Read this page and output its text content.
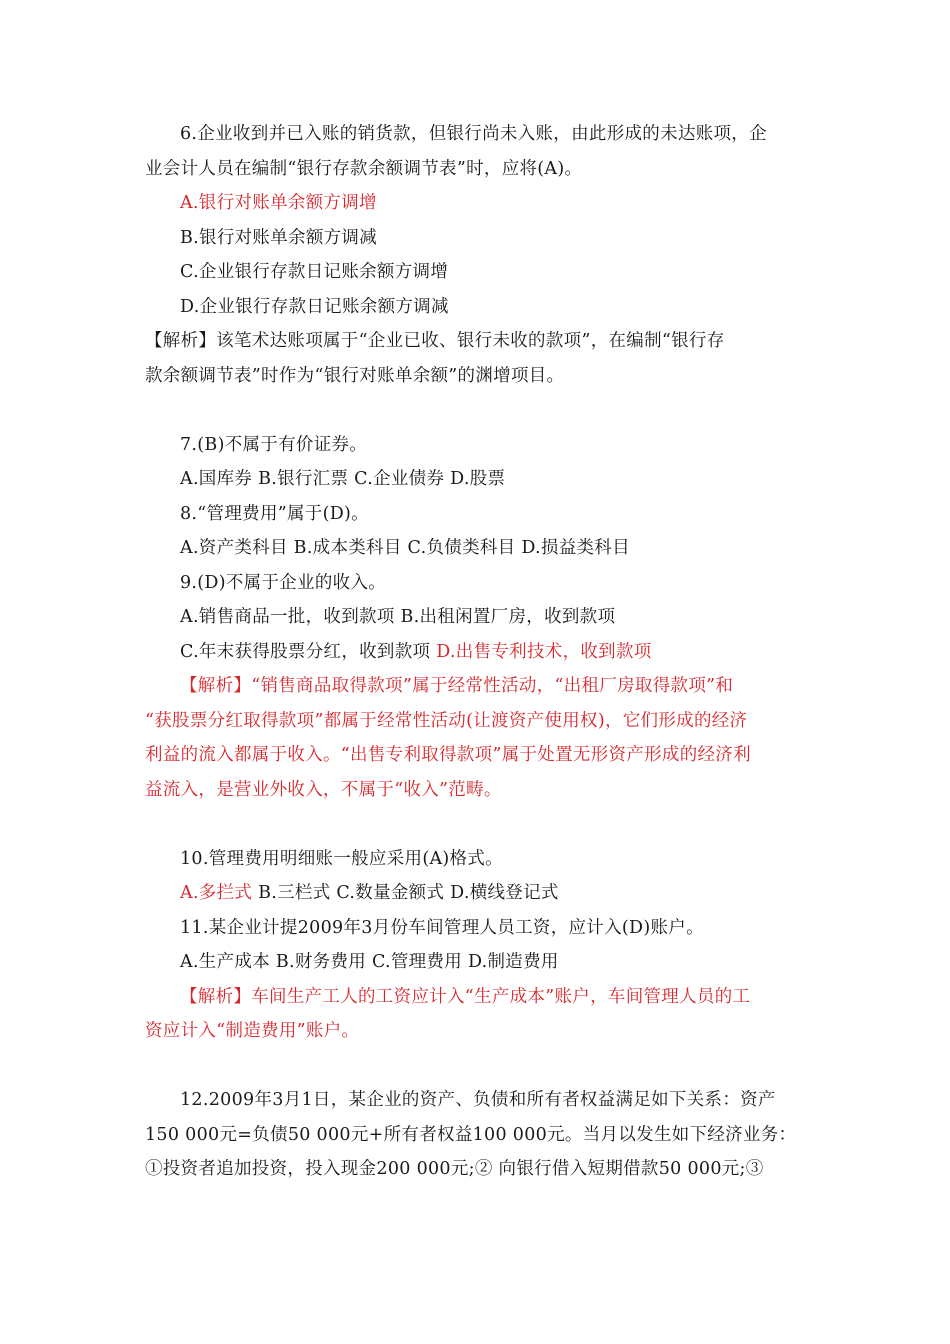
6.企业收到并已入账的销货款，但银行尚未入账，由此形成的未达账项，企
业会计人员在编制“银行存款余额调节表”时，应将(A)。
A.银行对账单余额方调增
B.银行对账单余额方调减
C.企业银行存款日记账余额方调增
D.企业银行存款日记账余额方调减
【解析】该笔术达账项属于“企业已收、银行未收的款项”，在编制“银行存
款余额调节表”时作为“银行对账单余额”的渊增项目。
7.(B)不属于有价证券。
A.国库券 B.银行汇票 C.企业债券 D.股票
8.“管理费用”属于(D)。
A.资产类科目 B.成本类科目 C.负债类科目 D.损益类科目
9.(D)不属于企业的收入。
A.销售商品一批，收到款项 B.出租闲置厂房，收到款项
C.年末获得股票分红，收到款项 D.出售专利技术，收到款项
【解析】“销售商品取得款项”属于经常性活动，“出租厂房取得款项”和
“获股票分红取得款项”都属于经常性活动(让渡资产使用权)，它们形成的经济
利益的流入都属于收入。“出售专利取得款项”属于处置无形资产形成的经济利
益流入，是营业外收入，不属于“收入”范畴。
10.管理费用明细账一般应采用(A)格式。
A.多拦式 B.三栏式 C.数量金额式 D.横线登记式
11.某企业计提2009年3月份车间管理人员工资，应计入(D)账户。
A.生产成本 B.财务费用 C.管理费用 D.制造费用
【解析】车间生产工人的工资应计入“生产成本”账户，车间管理人员的工
资应计入“制造费用”账户。
12.2009年3月1日，某企业的资产、负债和所有者权益满足如下关系：资产
150 000元=负债50 000元+所有者权益100 000元。当月以发生如下经济业务：
①投资者追加投资，投入现金200 000元;② 向银行借入短期借款50 000元;③
